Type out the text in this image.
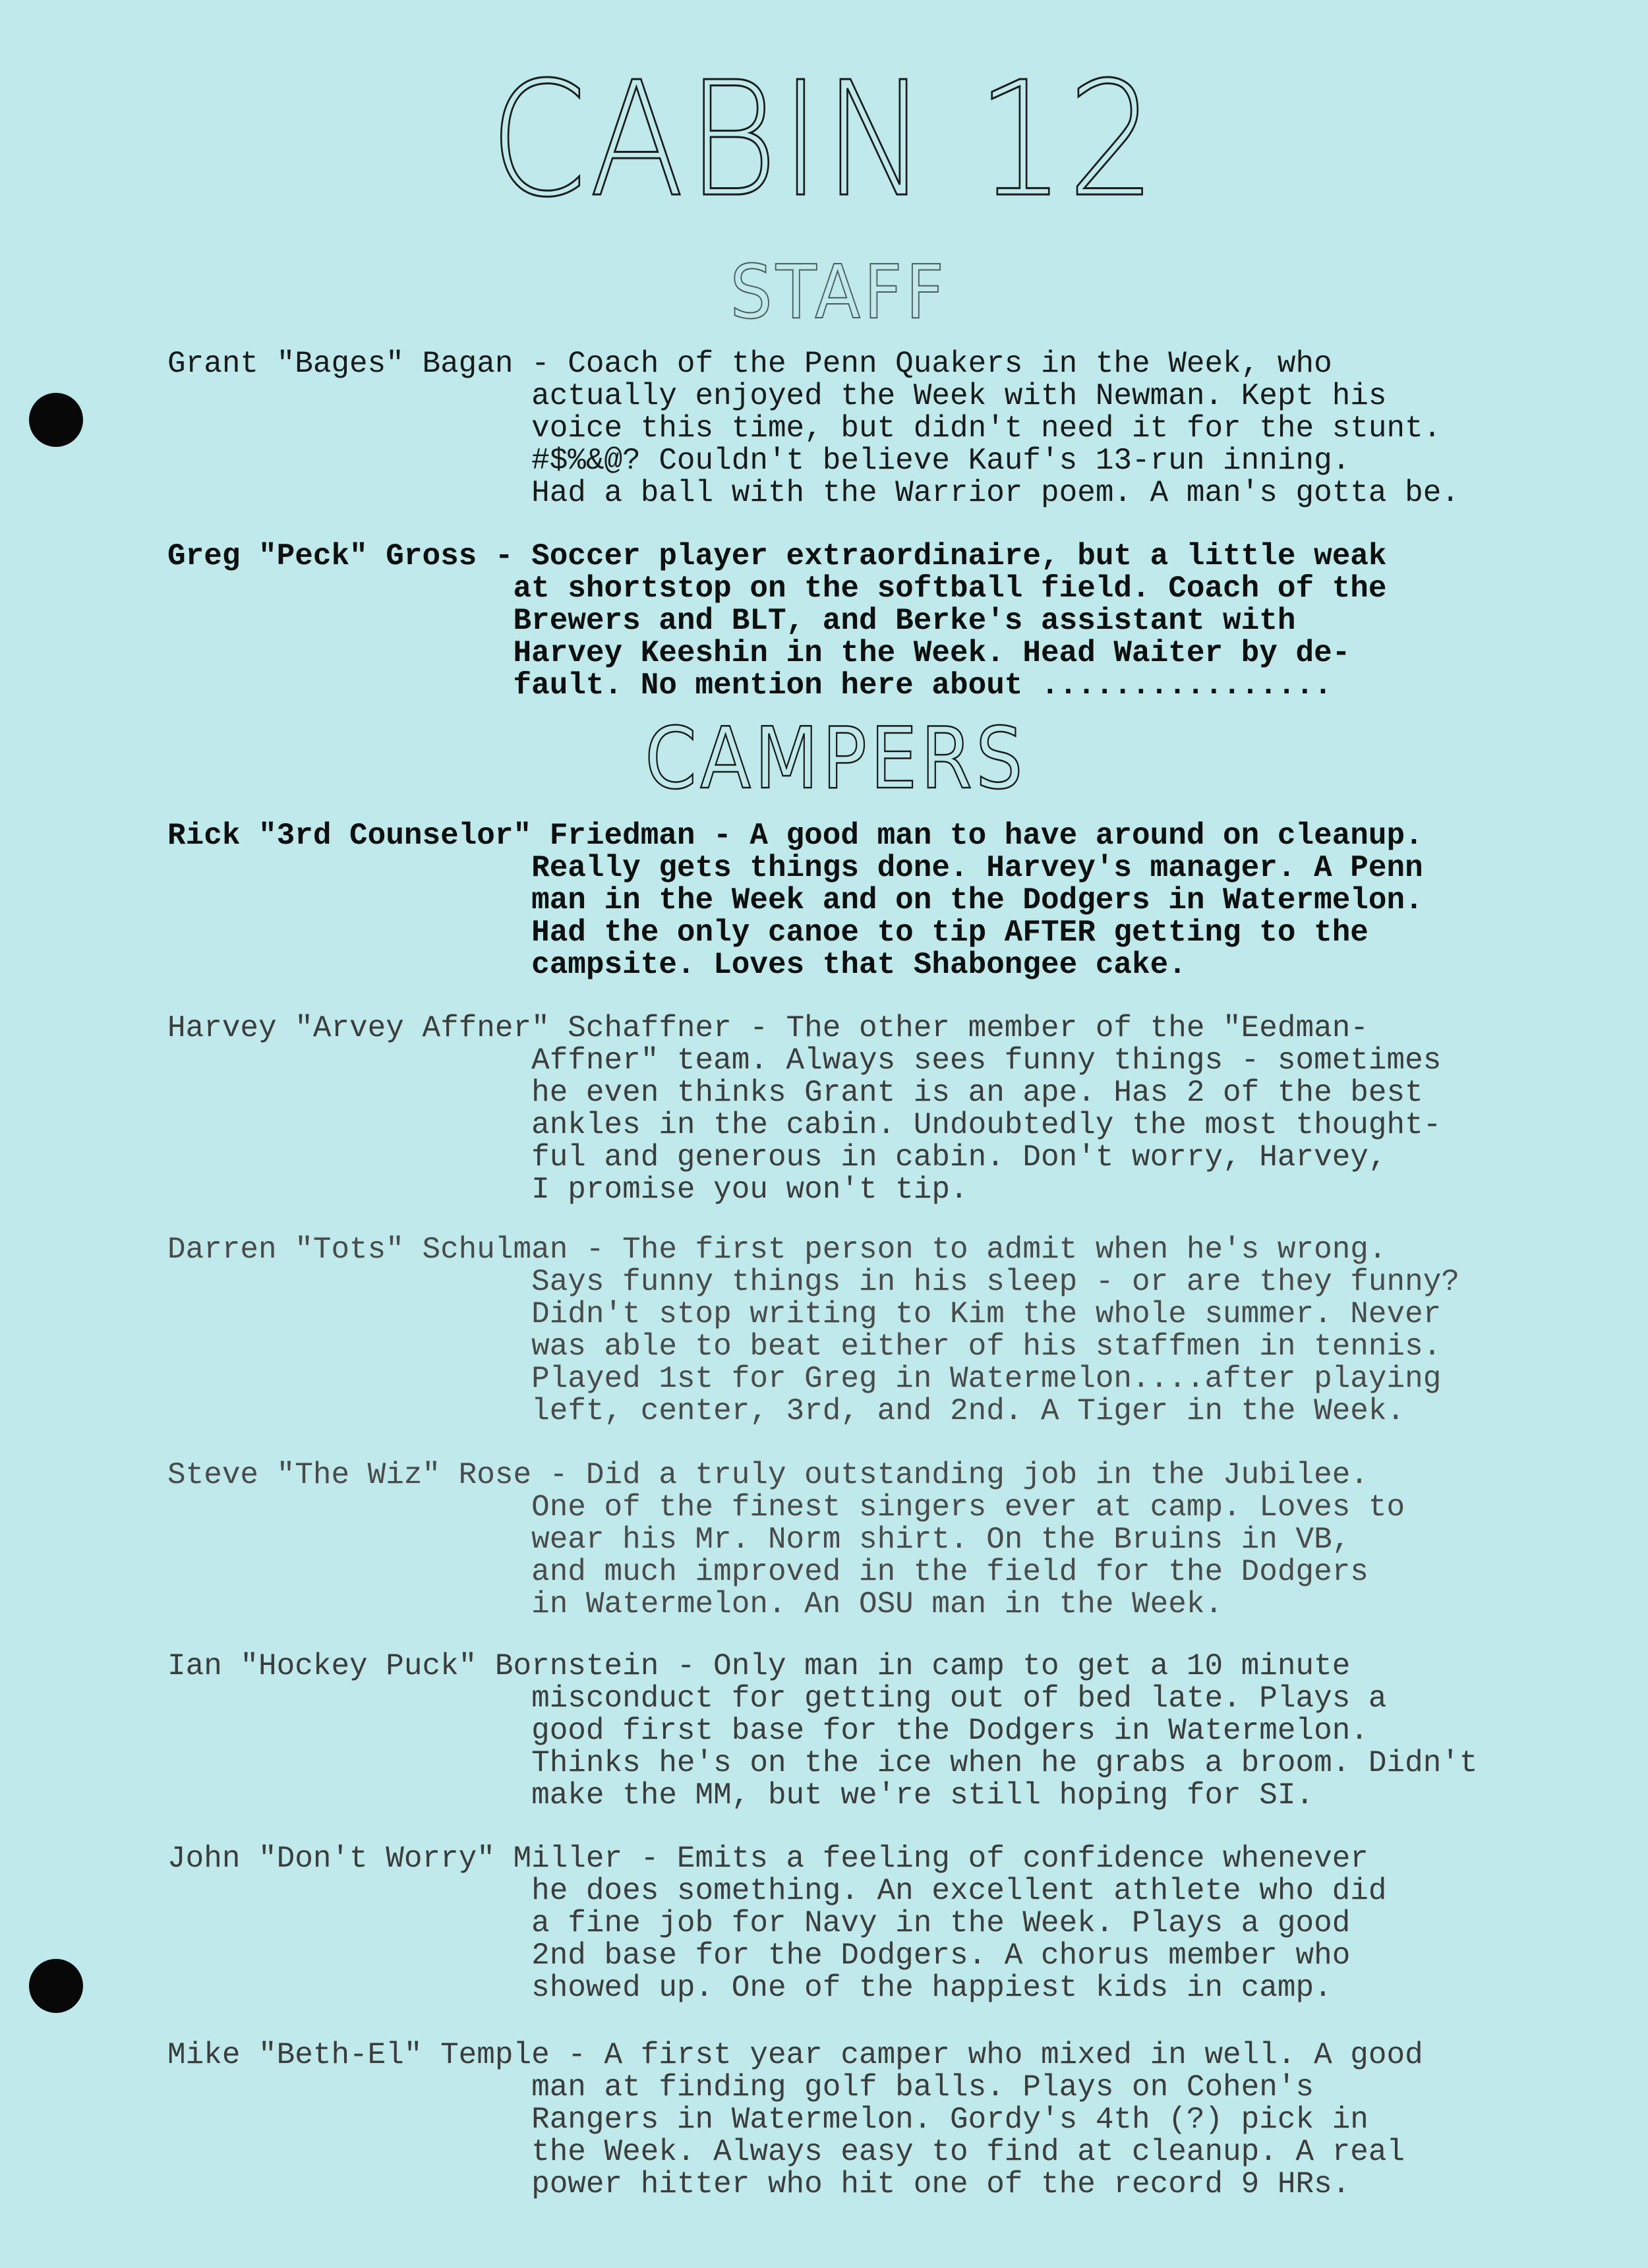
CABIN 12
STAFF
CAMPERS
Grant "Bages" Bagan - Coach of the Penn Quakers in the Week, who
actually enjoyed the Week with Newman. Kept his
voice this time, but didn't need it for the stunt.
#$%&@? Couldn't believe Kauf's 13-run inning.
Had a ball with the Warrior poem. A man's gotta be.
Greg "Peck" Gross - Soccer player extraordinaire, but a little weak
at shortstop on the softball field. Coach of the
Brewers and BLT, and Berke's assistant with
Harvey Keeshin in the Week. Head Waiter by de-
fault. No mention here about ................
Rick "3rd Counselor" Friedman - A good man to have around on cleanup.
Really gets things done. Harvey's manager. A Penn
man in the Week and on the Dodgers in Watermelon.
Had the only canoe to tip AFTER getting to the
campsite. Loves that Shabongee cake.
Harvey "Arvey Affner" Schaffner - The other member of the "Eedman-
Affner" team. Always sees funny things - sometimes
he even thinks Grant is an ape. Has 2 of the best
ankles in the cabin. Undoubtedly the most thought-
ful and generous in cabin. Don't worry, Harvey,
I promise you won't tip.
Darren "Tots" Schulman - The first person to admit when he's wrong.
Says funny things in his sleep - or are they funny?
Didn't stop writing to Kim the whole summer. Never
was able to beat either of his staffmen in tennis.
Played 1st for Greg in Watermelon....after playing
left, center, 3rd, and 2nd. A Tiger in the Week.
Steve "The Wiz" Rose - Did a truly outstanding job in the Jubilee.
One of the finest singers ever at camp. Loves to
wear his Mr. Norm shirt. On the Bruins in VB,
and much improved in the field for the Dodgers
in Watermelon. An OSU man in the Week.
Ian "Hockey Puck" Bornstein - Only man in camp to get a 10 minute
misconduct for getting out of bed late. Plays a
good first base for the Dodgers in Watermelon.
Thinks he's on the ice when he grabs a broom. Didn't
make the MM, but we're still hoping for SI.
John "Don't Worry" Miller - Emits a feeling of confidence whenever
he does something. An excellent athlete who did
a fine job for Navy in the Week. Plays a good
2nd base for the Dodgers. A chorus member who
showed up. One of the happiest kids in camp.
Mike "Beth-El" Temple - A first year camper who mixed in well. A good
man at finding golf balls. Plays on Cohen's
Rangers in Watermelon. Gordy's 4th (?) pick in
the Week. Always easy to find at cleanup. A real
power hitter who hit one of the record 9 HRs.
